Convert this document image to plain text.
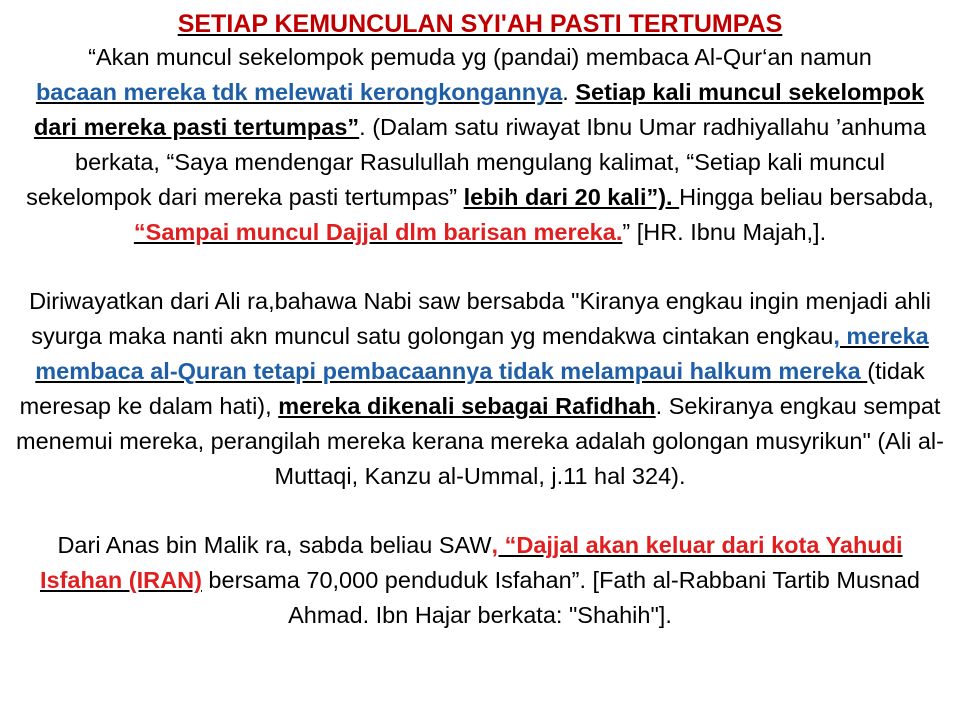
SETIAP KEMUNCULAN SYI'AH PASTI TERTUMPAS

“Akan muncul sekelompok pemuda yg (pandai) membaca Al-Qur‘an namun
bacaan mereka tdk melewati kerongkongannya. Setiap kali muncul sekelompok dari mereka pasti tertumpas”. (Dalam satu riwayat Ibnu Umar radhiyallahu ’anhuma berkata, “Saya mendengar Rasulullah mengulang kalimat, “Setiap kali muncul sekelompok dari mereka pasti tertumpas” lebih dari 20 kali”). Hingga beliau bersabda, “Sampai muncul Dajjal dlm barisan mereka.” [HR. Ibnu Majah,].

Diriwayatkan dari Ali ra,bahawa Nabi saw bersabda "Kiranya engkau ingin menjadi ahli syurga maka nanti akn muncul satu golongan yg mendakwa cintakan engkau, mereka membaca al-Quran tetapi pembacaannya tidak melampaui halkum mereka (tidak meresap ke dalam hati), mereka dikenali sebagai Rafidhah. Sekiranya engkau sempat menemui mereka, perangilah mereka kerana mereka adalah golongan musyrikun" (Ali al-Muttaqi, Kanzu al-Ummal, j.11 hal 324).

Dari Anas bin Malik ra, sabda beliau SAW, “Dajjal akan keluar dari kota Yahudi Isfahan (IRAN) bersama 70,000 penduduk Isfahan”. [Fath al-Rabbani Tartib Musnad Ahmad. Ibn Hajar berkata: "Shahih"].
